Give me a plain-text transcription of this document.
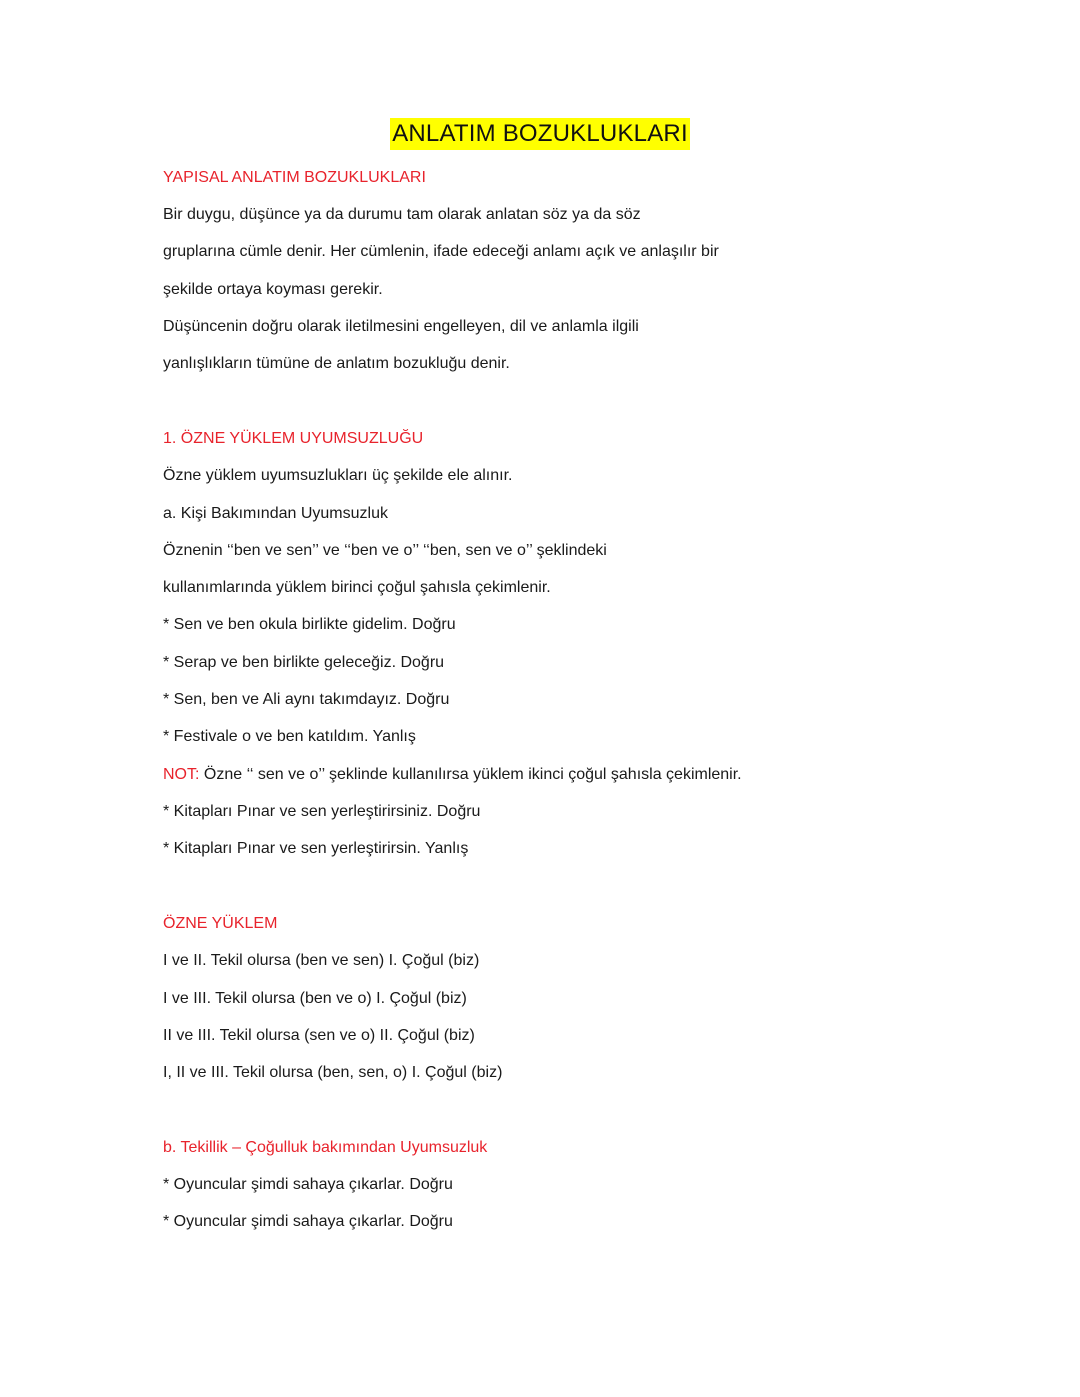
ANLATIM BOZUKLUKLARI
YAPISAL ANLATIM BOZUKLUKLARI
Bir duygu, düşünce ya da durumu tam olarak anlatan söz ya da söz
gruplarına cümle denir. Her cümlenin, ifade edeceği anlamı açık ve anlaşılır bir
şekilde ortaya koyması gerekir.
Düşüncenin doğru olarak iletilmesini engelleyen, dil ve anlamla ilgili
yanlışlıkların tümüne de anlatım bozukluğu denir.
1. ÖZNE YÜKLEM UYUMSUZLUĞU
Özne yüklem uyumsuzlukları üç şekilde ele alınır.
a. Kişi Bakımından Uyumsuzluk
Öznenin ‘‘ben ve sen’’ ve ‘‘ben ve o’’ ‘‘ben, sen ve o’’ şeklindeki
kullanımlarında yüklem birinci çoğul şahısla çekimlenir.
* Sen ve ben okula birlikte gidelim. Doğru
* Serap ve ben birlikte geleceğiz. Doğru
* Sen, ben ve Ali aynı takımdayız. Doğru
* Festivale o ve ben katıldım. Yanlış
NOT: Özne ‘‘ sen ve o’’ şeklinde kullanılırsa yüklem ikinci çoğul şahısla çekimlenir.
* Kitapları Pınar ve sen yerleştirirsiniz. Doğru
* Kitapları Pınar ve sen yerleştirirsin. Yanlış
ÖZNE YÜKLEM
I ve II. Tekil olursa (ben ve sen) I. Çoğul (biz)
I ve III. Tekil olursa (ben ve o) I. Çoğul (biz)
II ve III. Tekil olursa (sen ve o) II. Çoğul (biz)
I, II ve III. Tekil olursa (ben, sen, o) I. Çoğul (biz)
b. Tekillik – Çoğulluk bakımından Uyumsuzluk
* Oyuncular şimdi sahaya çıkarlar. Doğru
* Oyuncular şimdi sahaya çıkarlar. Doğru
